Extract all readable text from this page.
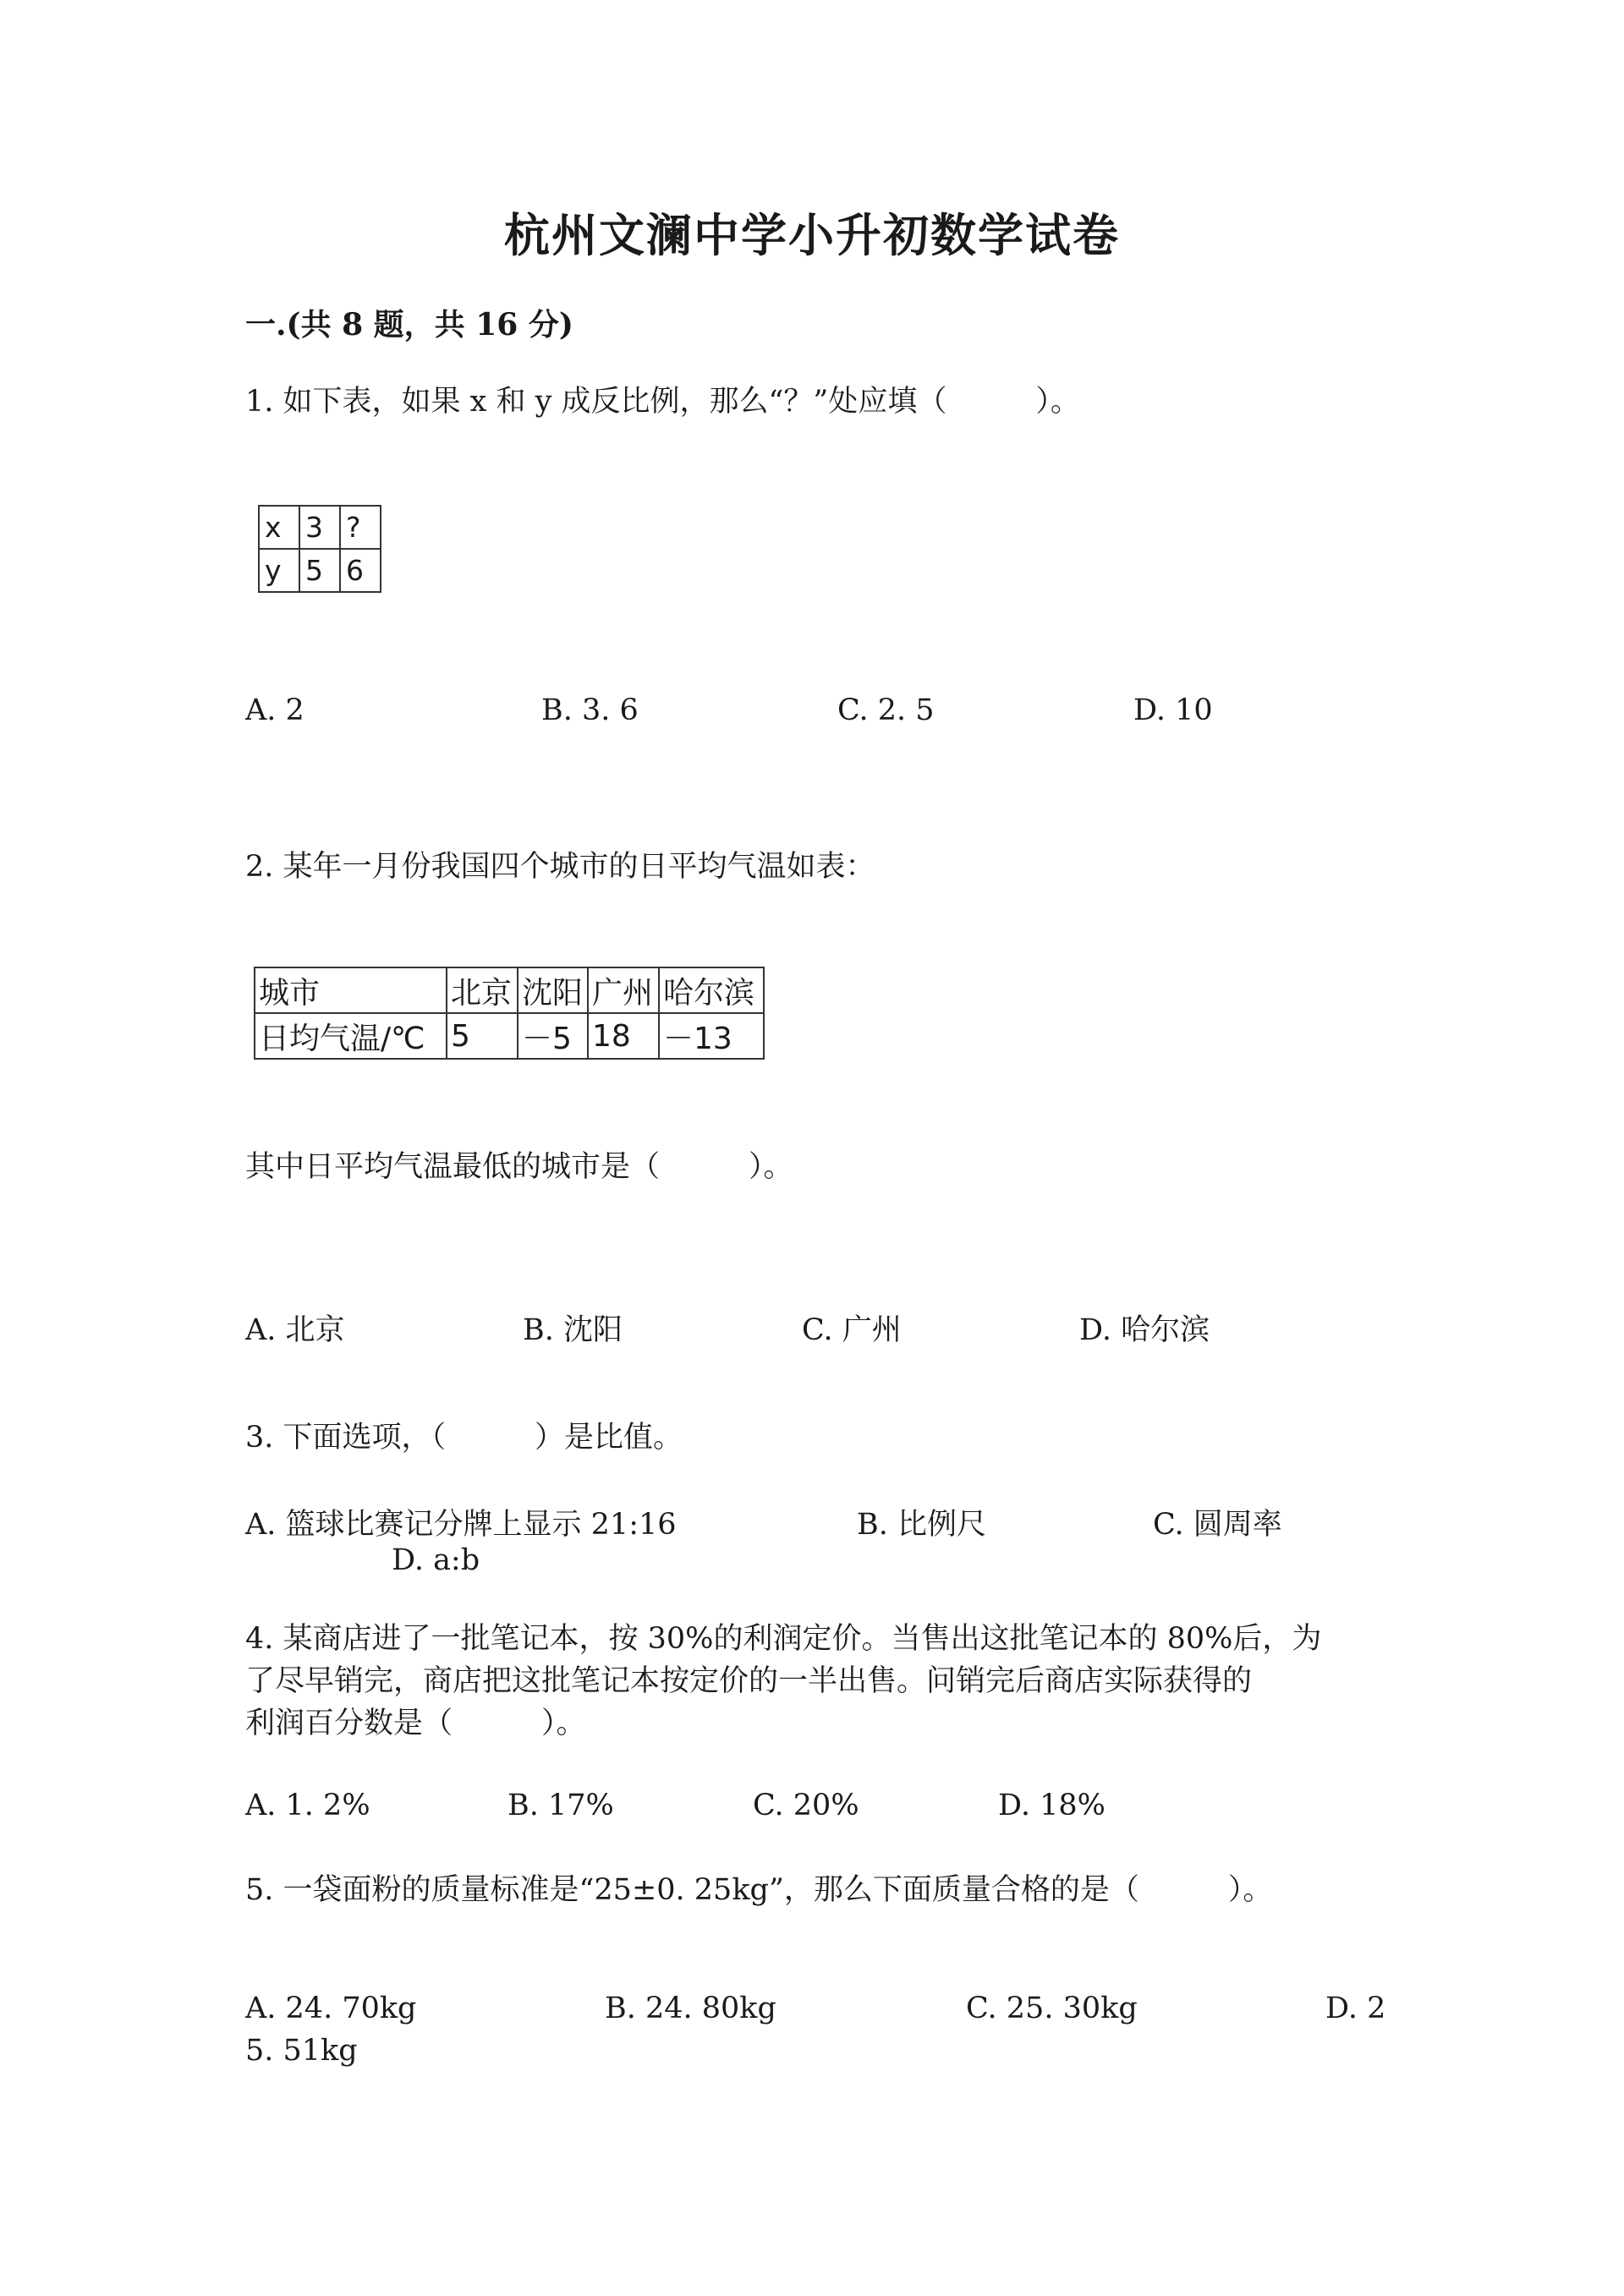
杭州文澜中学小升初数学试卷
一.(共 8 题，共 16 分)
1. 如下表，如果 x 和 y 成反比例，那么“？”处应填（　　　）。
x	3	?
y	5	6
A. 2	B. 3. 6	C. 2. 5	D. 10
2. 某年一月份我国四个城市的日平均气温如表：
城市	北京	沈阳	广州	哈尔滨
日均气温/℃	5	－5	18	－13
其中日平均气温最低的城市是（　　　）。
A. 北京	B. 沈阳	C. 广州	D. 哈尔滨
3. 下面选项，（　　　）是比值。
A. 篮球比赛记分牌上显示 21:16	B. 比例尺	C. 圆周率
D. a:b
4. 某商店进了一批笔记本，按 30%的利润定价。当售出这批笔记本的 80%后，为
了尽早销完，商店把这批笔记本按定价的一半出售。问销完后商店实际获得的
利润百分数是（　　　）。
A. 1. 2%	B. 17%	C. 20%	D. 18%
5. 一袋面粉的质量标准是“25±0. 25kg”，那么下面质量合格的是（　　　）。
A. 24. 70kg	B. 24. 80kg	C. 25. 30kg	D. 2
5. 51kg
